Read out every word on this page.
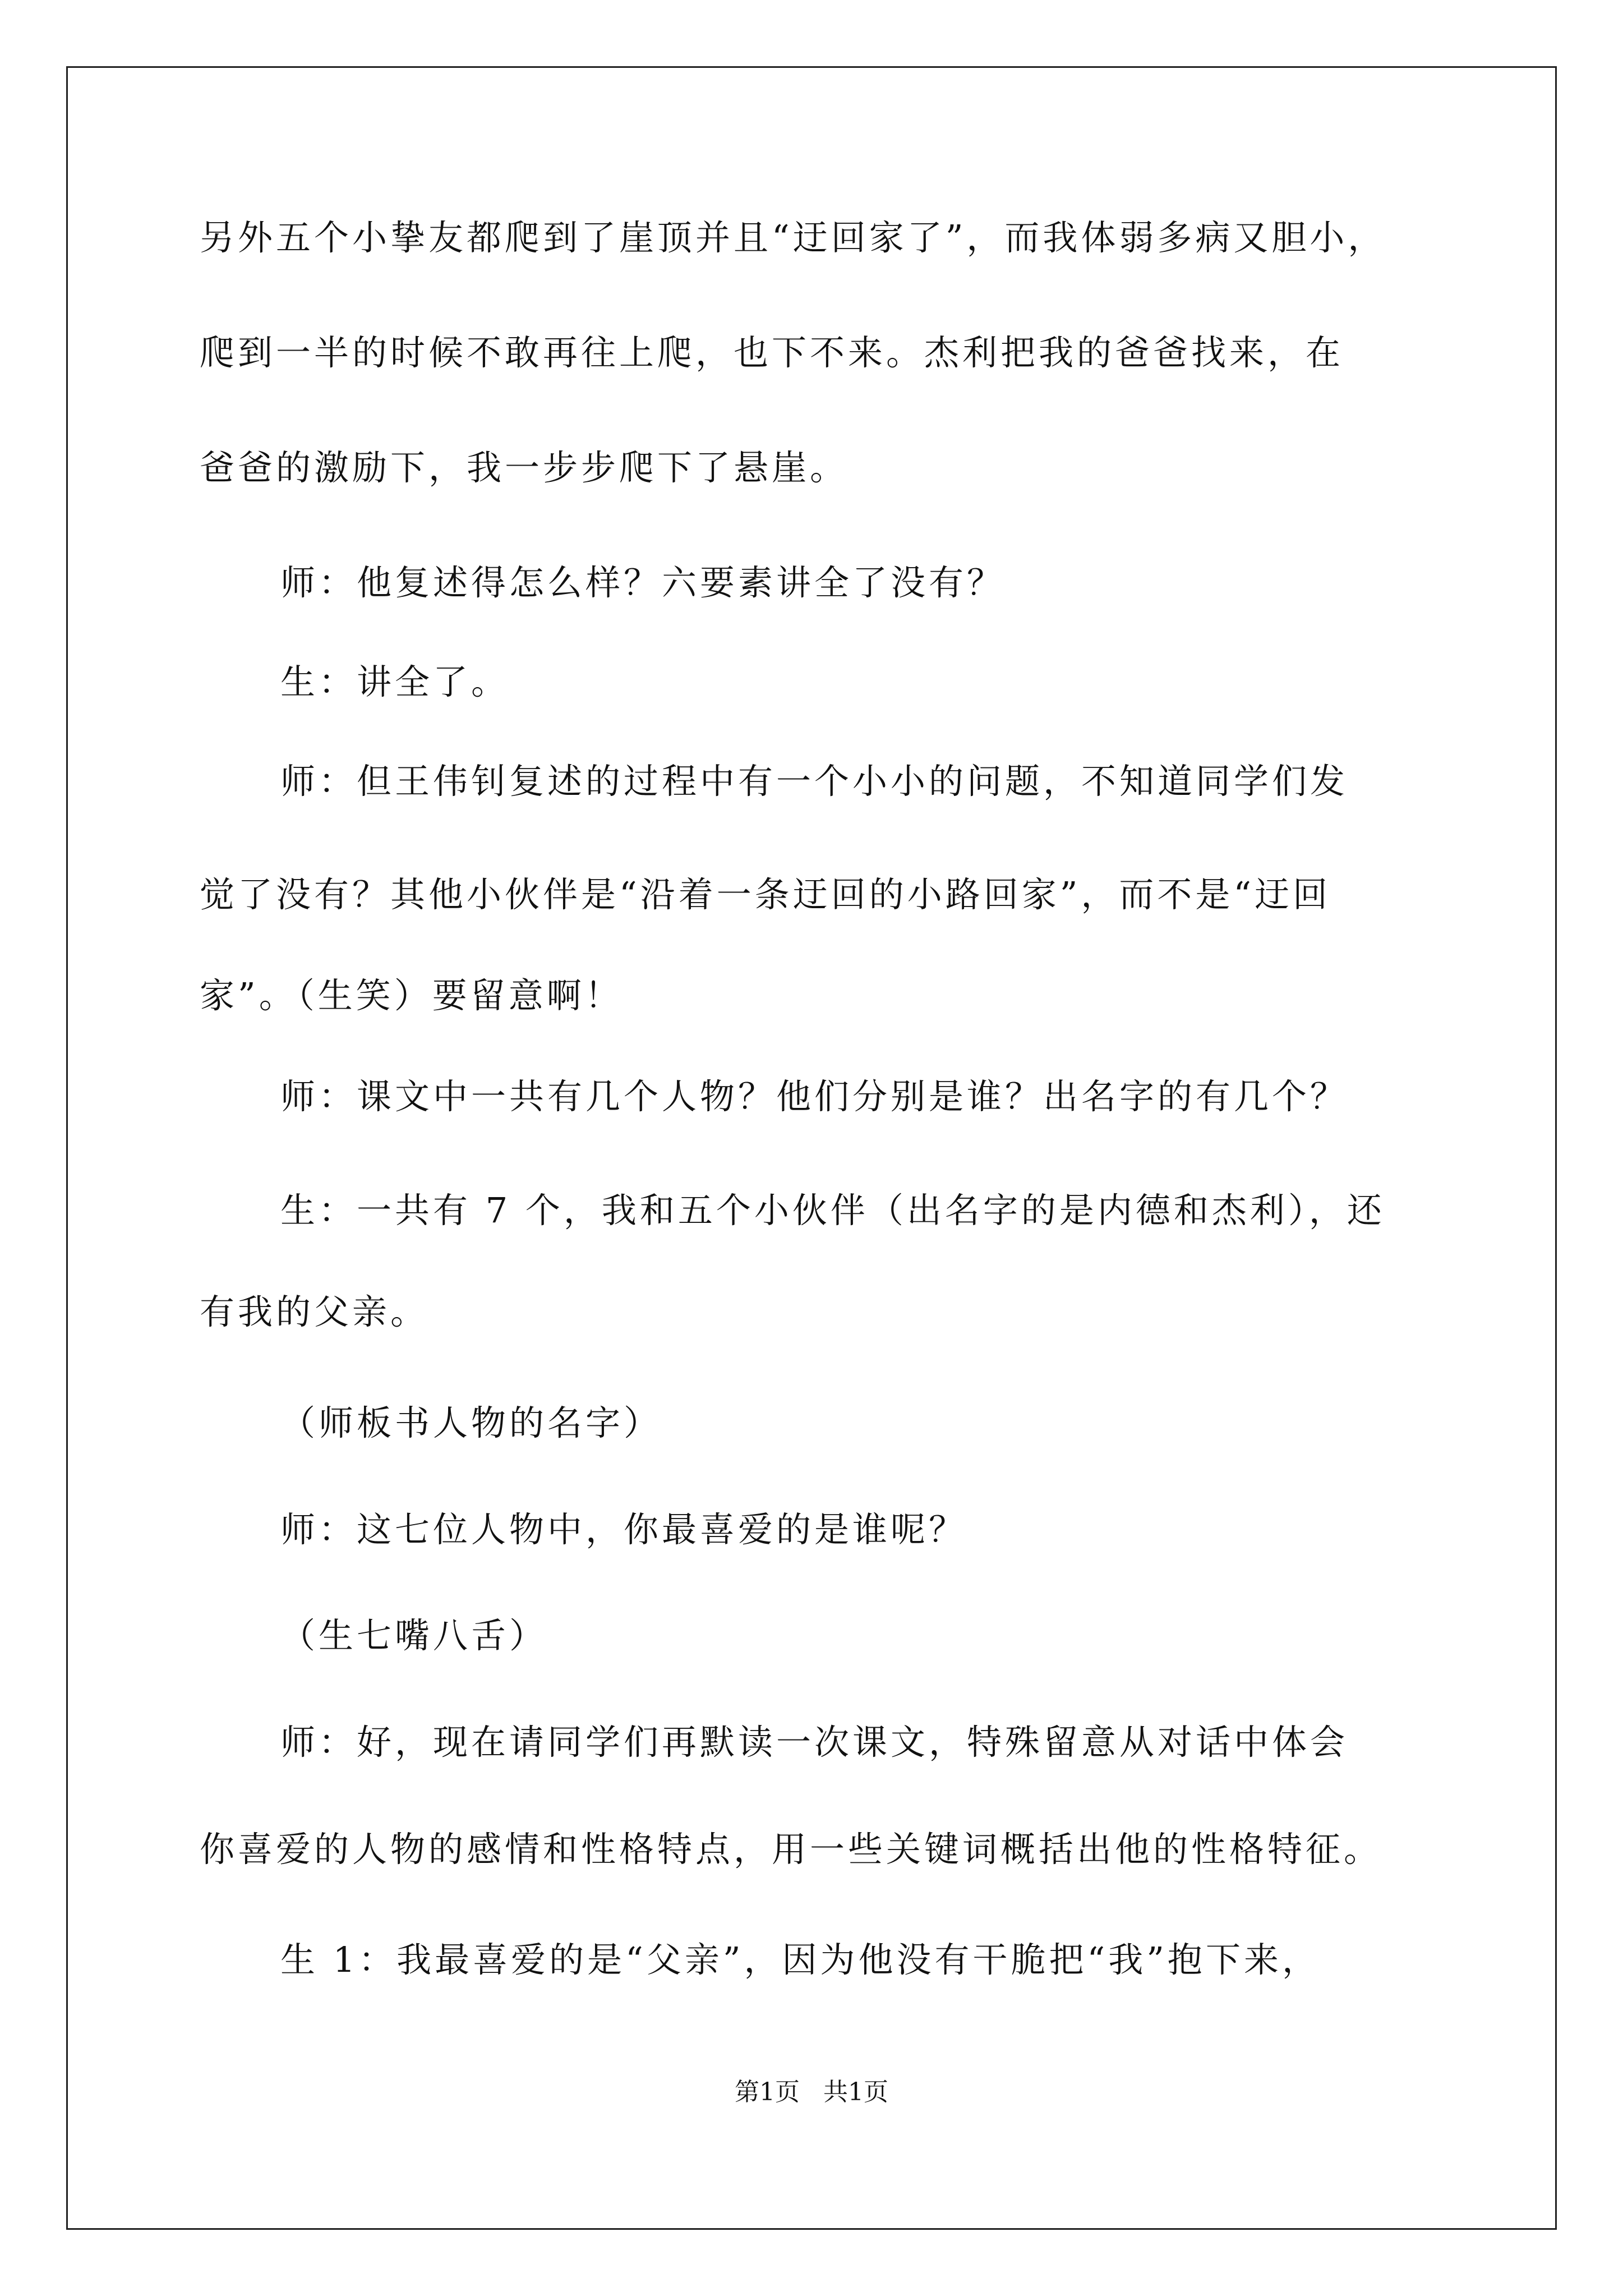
另外五个小挚友都爬到了崖顶并且“迂回家了”，而我体弱多病又胆小，
爬到一半的时候不敢再往上爬，也下不来。杰利把我的爸爸找来，在
爸爸的激励下，我一步步爬下了悬崖。
师：他复述得怎么样？六要素讲全了没有？
生：讲全了。
师：但王伟钊复述的过程中有一个小小的问题，不知道同学们发
觉了没有？其他小伙伴是“沿着一条迂回的小路回家”，而不是“迂回
家”。（生笑）要留意啊！
师：课文中一共有几个人物？他们分别是谁？出名字的有几个？
生：一共有 7 个，我和五个小伙伴（出名字的是内德和杰利），还
有我的父亲。
（师板书人物的名字）
师：这七位人物中，你最喜爱的是谁呢？
（生七嘴八舌）
师：好，现在请同学们再默读一次课文，特殊留意从对话中体会
你喜爱的人物的感情和性格特点，用一些关键词概括出他的性格特征。
生 1：我最喜爱的是“父亲”，因为他没有干脆把“我”抱下来，
第1页   共1页
